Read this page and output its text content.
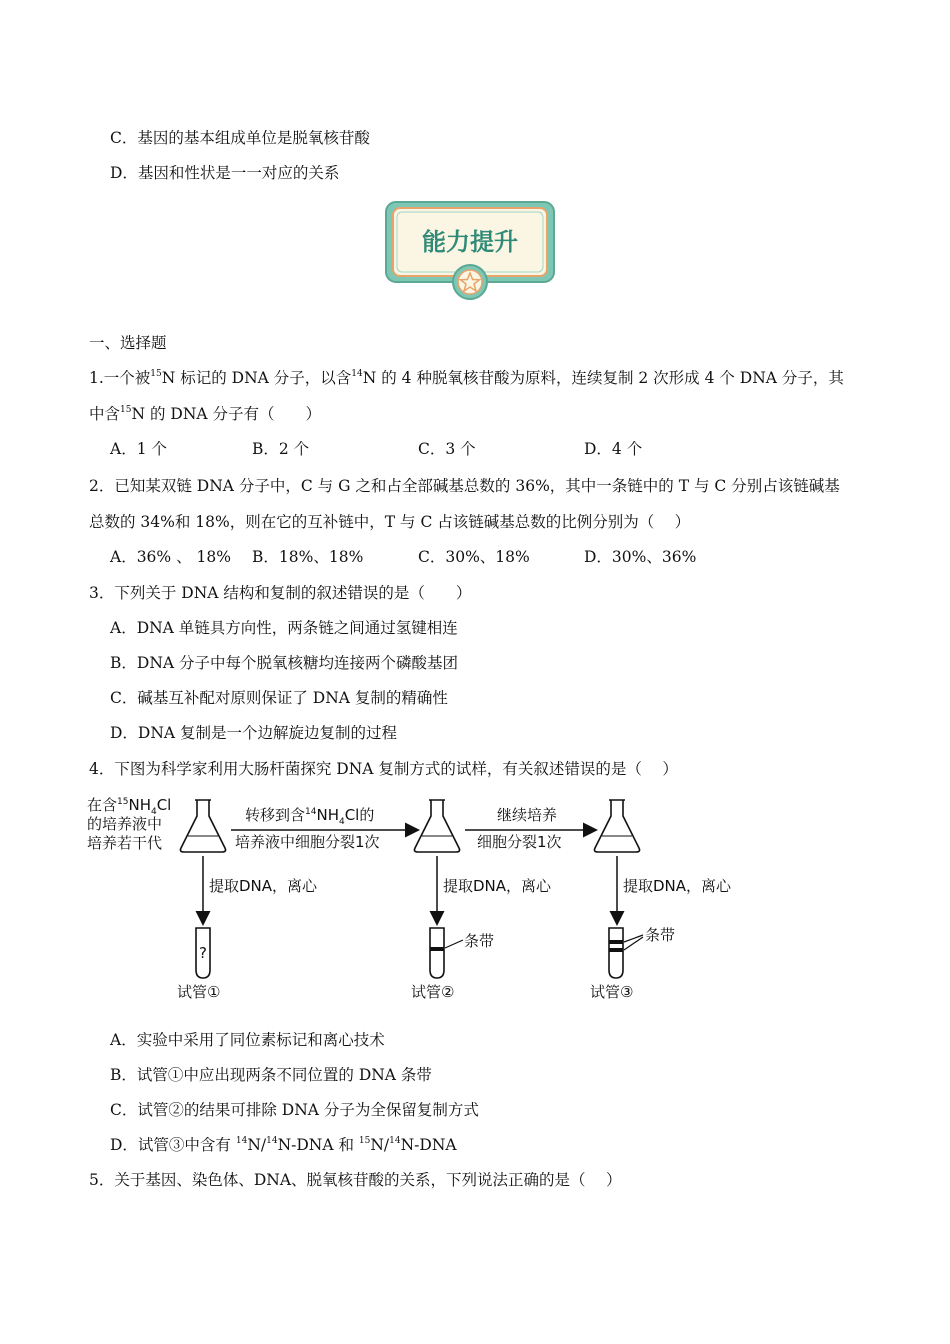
C．基因的基本组成单位是脱氧核苷酸
D．基因和性状是一一对应的关系
能力提升
一、选择题
1.一个被$^{15}$N 标记的 DNA 分子，以含$^{14}$N 的 4 种脱氧核苷酸为原料，连续复制 2 次形成 4 个 DNA 分子，其
中含$^{15}$N 的 DNA 分子有（　　）
A．1 个	B．2 个	C．3 个	D．4 个
2．已知某双链 DNA 分子中，C 与 G 之和占全部碱基总数的 36%，其中一条链中的 T 与 C 分别占该链碱基
总数的 34%和 18%，则在它的互补链中，T 与 C 占该链碱基总数的比例分别为（　 ）
A．36% 、 18% B．18%、18%	C．30%、18%	D．30%、36%
3．下列关于 DNA 结构和复制的叙述错误的是（　　）
A．DNA 单链具方向性，两条链之间通过氢键相连
B．DNA 分子中每个脱氧核糖均连接两个磷酸基团
C．碱基互补配对原则保证了 DNA 复制的精确性
D．DNA 复制是一个边解旋边复制的过程
4．下图为科学家利用大肠杆菌探究 DNA 复制方式的试样，有关叙述错误的是（　 ）
在含$^{15}NH_4Cl$
的培养液中
培养若干代
转移到含$^{14}NH_4Cl$的
培养液中细胞分裂1次
继续培养
细胞分裂1次
提取DNA，离心	提取DNA，离心	提取DNA，离心
?
条带	条带
试管①	试管②	试管③
A．实验中采用了同位素标记和离心技术
B．试管①中应出现两条不同位置的 DNA 条带
C．试管②的结果可排除 DNA 分子为全保留复制方式
D．试管③中含有 $^{14}$N/$^{14}$N-DNA 和 $^{15}$N/$^{14}$N-DNA
5．关于基因、染色体、DNA、脱氧核苷酸的关系，下列说法正确的是（　 ）
